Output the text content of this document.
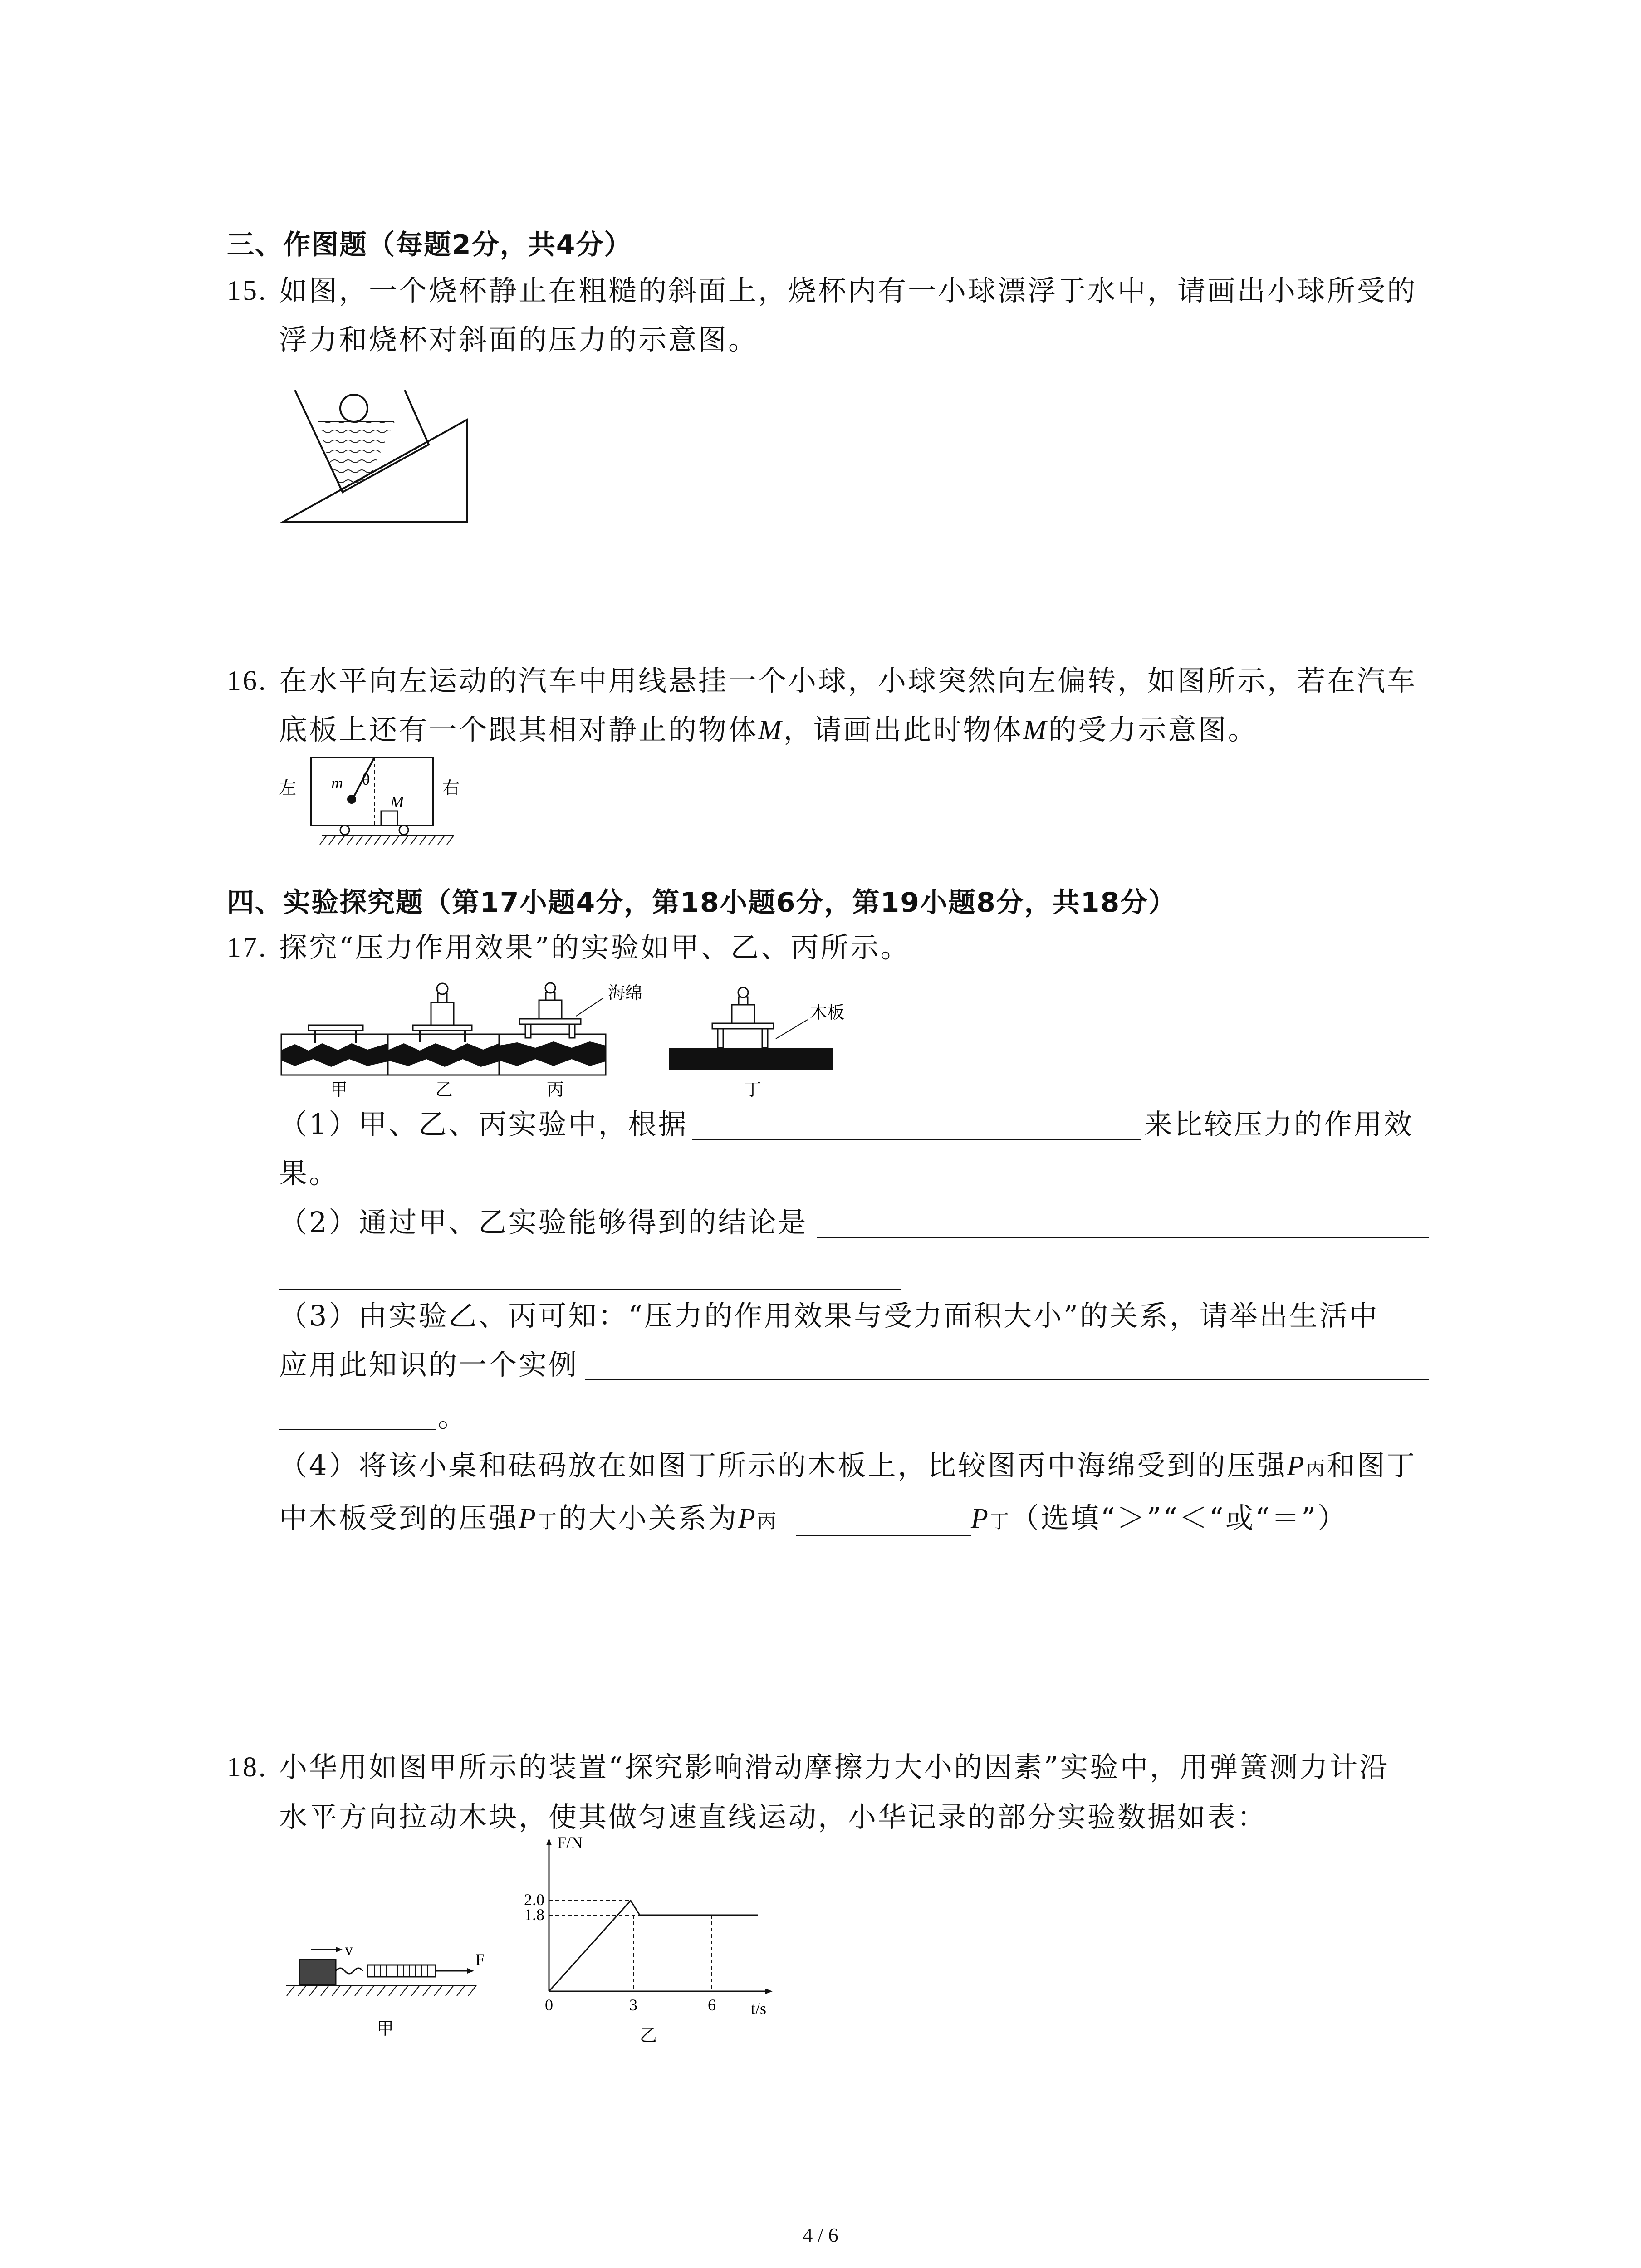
三、作图题（每题2分，共4分）
15. 如图，一个烧杯静止在粗糙的斜面上，烧杯内有一小球漂浮于水中，请画出小球所受的
浮力和烧杯对斜面的压力的示意图。
16. 在水平向左运动的汽车中用线悬挂一个小球，小球突然向左偏转，如图所示，若在汽车
底板上还有一个跟其相对静止的物体M，请画出此时物体M的受力示意图。
左	右
m θ
M
四、实验探究题（第17小题4分，第18小题6分，第19小题8分，共18分）
17. 探究“压力作用效果”的实验如甲、乙、丙所示。
海绵
木板
甲	乙	丙	丁
（1）甲、乙、丙实验中，根据	来比较压力的作用效
果。
（2）通过甲、乙实验能够得到的结论是
（3）由实验乙、丙可知：“压力的作用效果与受力面积大小”的关系，请举出生活中
应用此知识的一个实例
。
（4）将该小桌和砝码放在如图丁所示的木板上，比较图丙中海绵受到的压强P丙和图丁
中木板受到的压强P丁的大小关系为P丙	P丁（选填“＞”“＜“或“＝”）
18. 小华用如图甲所示的装置“探究影响滑动摩擦力大小的因素”实验中，用弹簧测力计沿
水平方向拉动木块，使其做匀速直线运动，小华记录的部分实验数据如表：
v
F
甲
F/N
t/s
2.0
1.8
0	3	6
乙
4 / 6
